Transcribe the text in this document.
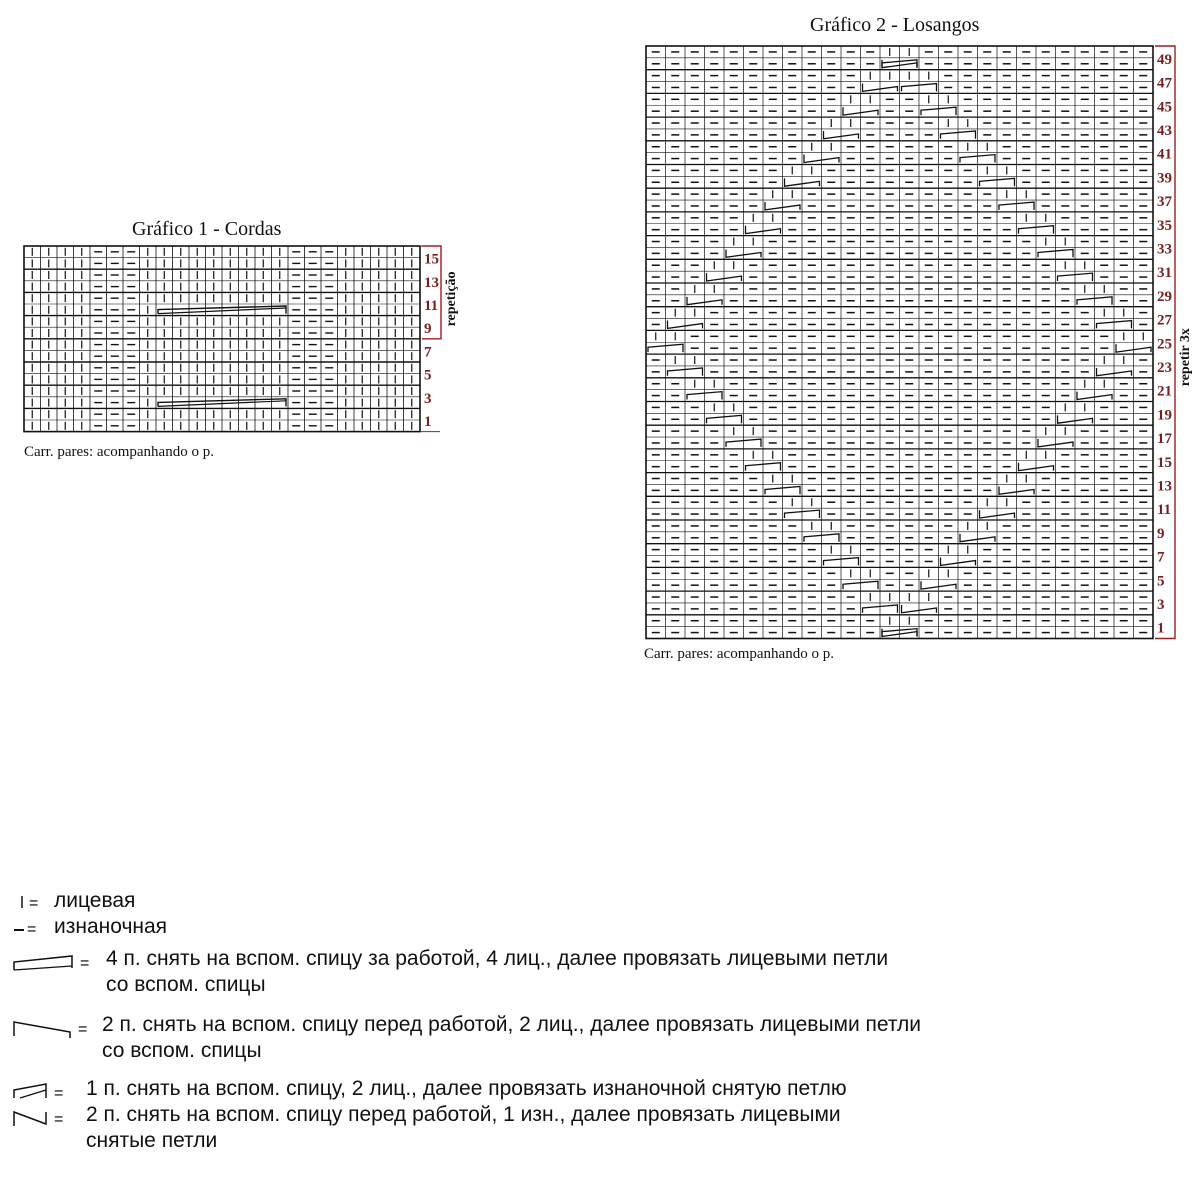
Gráfico 1 - Cordas
15
13
11
9
7
5
3
1
repetição
Carr. pares: acompanhando o p.
Gráfico 2 - Losangos
49
47
45
43
41
39
37
35
33
31
29
27
25
23
21
19
17
15
13
11
9
7
5
3
1
repetir 3x
Carr. pares: acompanhando o p.
= лицевая
= изнаночная
= 4 п. снять на вспом. спицу за работой, 4 лиц., далее провязать лицевыми петли
со вспом. спицы
= 2 п. снять на вспом. спицу перед работой, 2 лиц., далее провязать лицевыми петли
со вспом. спицы
= 1 п. снять на вспом. спицу, 2 лиц., далее провязать изнаночной снятую петлю
= 2 п. снять на вспом. спицу перед работой, 1 изн., далее провязать лицевыми
снятые петли
